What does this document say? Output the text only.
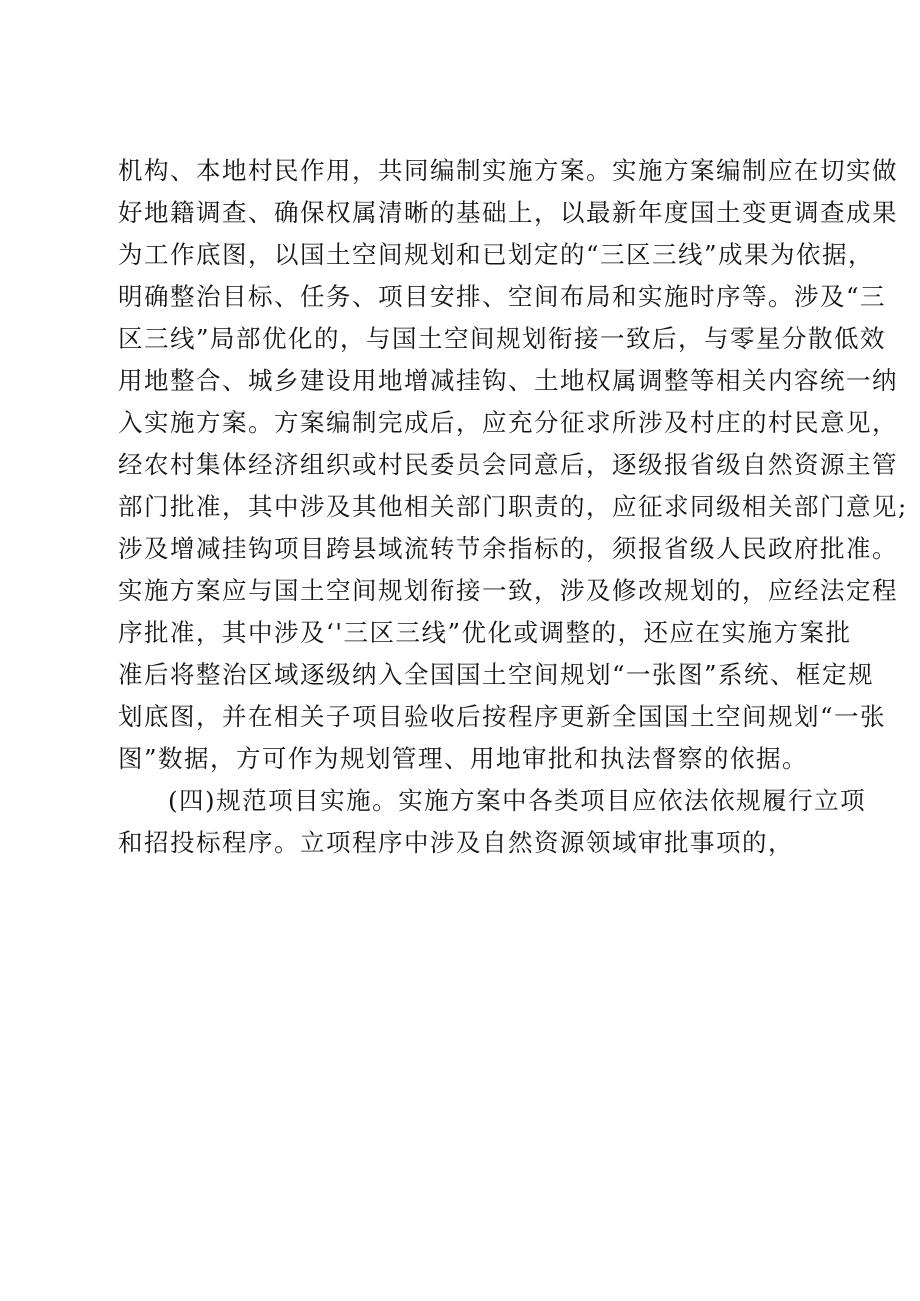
机构、本地村民作用，共同编制实施方案。实施方案编制应在切实做
好地籍调查、确保权属清晰的基础上，以最新年度国土变更调查成果
为工作底图，以国土空间规划和已划定的“三区三线”成果为依据，
明确整治目标、任务、项目安排、空间布局和实施时序等。涉及“三
区三线”局部优化的，与国土空间规划衔接一致后，与零星分散低效
用地整合、城乡建设用地增减挂钩、土地权属调整等相关内容统一纳
入实施方案。方案编制完成后，应充分征求所涉及村庄的村民意见，
经农村集体经济组织或村民委员会同意后，逐级报省级自然资源主管
部门批准，其中涉及其他相关部门职责的，应征求同级相关部门意见;
涉及增减挂钩项目跨县域流转节余指标的，须报省级人民政府批准。
实施方案应与国土空间规划衔接一致，涉及修改规划的，应经法定程
序批准，其中涉及‘'三区三线”优化或调整的，还应在实施方案批
准后将整治区域逐级纳入全国国土空间规划“一张图”系统、框定规
划底图，并在相关子项目验收后按程序更新全国国土空间规划“一张
图”数据，方可作为规划管理、用地审批和执法督察的依据。
(四)规范项目实施。实施方案中各类项目应依法依规履行立项
和招投标程序。立项程序中涉及自然资源领域审批事项的，
